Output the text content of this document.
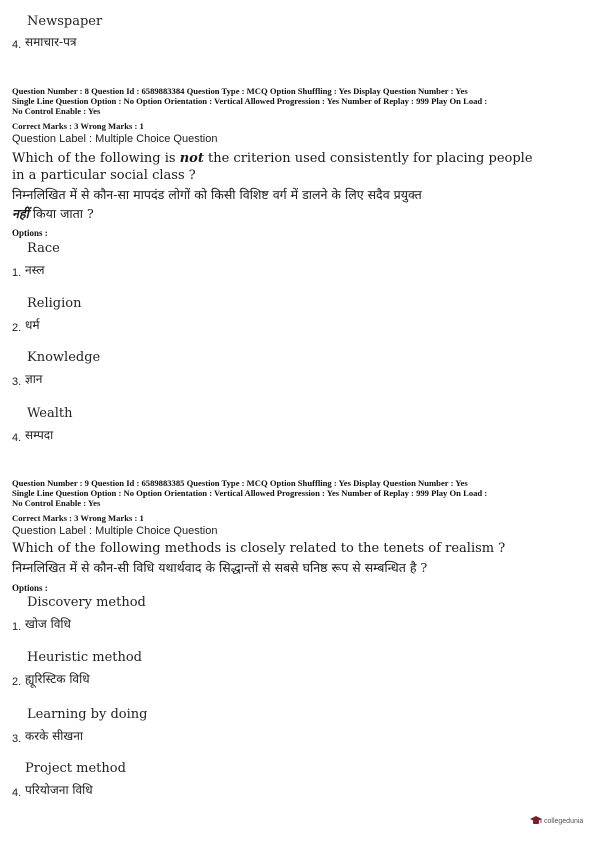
Newspaper
4. समाचार-पत्र
Question Number : 8 Question Id : 6589883384 Question Type : MCQ Option Shuffling : Yes Display Question Number : Yes
Single Line Question Option : No Option Orientation : Vertical Allowed Progression : Yes Number of Replay : 999 Play On Load :
No Control Enable : Yes
Correct Marks : 3 Wrong Marks : 1
Question Label : Multiple Choice Question
Which of the following is not the criterion used consistently for placing people
in a particular social class ?
निम्नलिखित में से कौन-सा मापदंड लोगों को किसी विशिष्ट वर्ग में डालने के लिए सदैव प्रयुक्त
नहीं किया जाता ?
Options :
Race
1. नस्ल
Religion
2. धर्म
Knowledge
3. ज्ञान
Wealth
4. सम्पदा
Question Number : 9 Question Id : 6589883385 Question Type : MCQ Option Shuffling : Yes Display Question Number : Yes
Single Line Question Option : No Option Orientation : Vertical Allowed Progression : Yes Number of Replay : 999 Play On Load :
No Control Enable : Yes
Correct Marks : 3 Wrong Marks : 1
Question Label : Multiple Choice Question
Which of the following methods is closely related to the tenets of realism ?
निम्नलिखित में से कौन-सी विधि यथार्थवाद के सिद्धान्तों से सबसे घनिष्ठ रूप से सम्बन्धित है ?
Options :
Discovery method
1. खोज विधि
Heuristic method
2. ह्यूरिस्टिक विधि
Learning by doing
3. करके सीखना
Project method
4. परियोजना विधि
collegedunia
